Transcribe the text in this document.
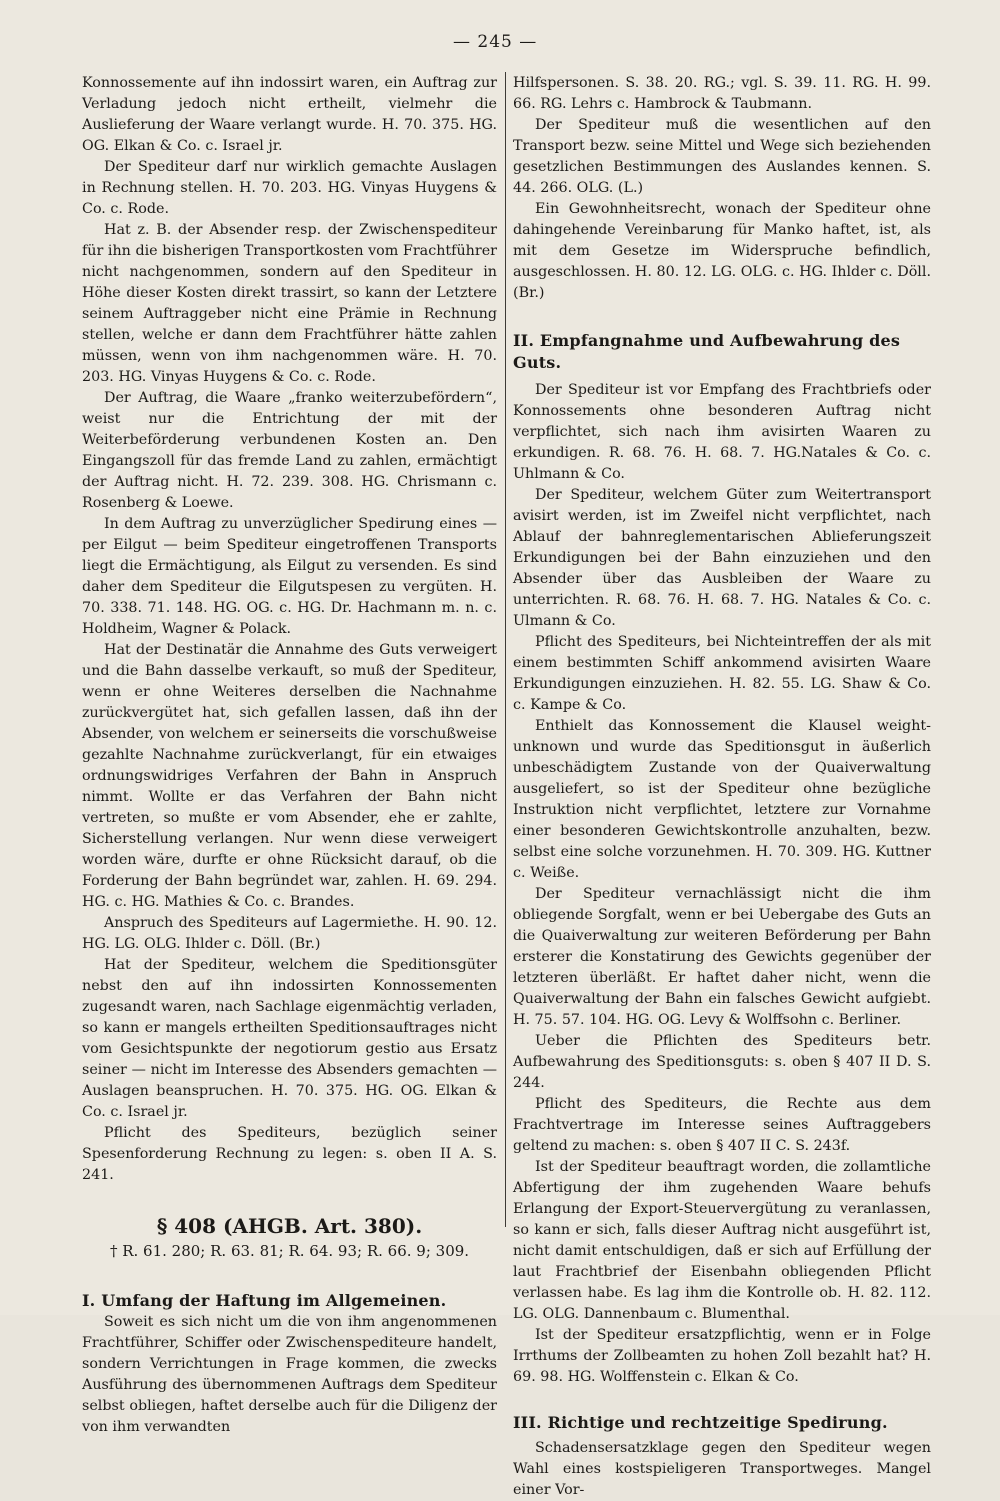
— 245 —

Konnossemente auf ihn indossirt waren, ein Auftrag zur Verladung jedoch nicht ertheilt, vielmehr die Auslieferung der Waare verlangt wurde. H. 70. 375. HG. OG. Elkan & Co. c. Israel jr.

Der Spediteur darf nur wirklich gemachte Auslagen in Rechnung stellen. H. 70. 203. HG. Vinyas Huygens & Co. c. Rode.

Hat z. B. der Absender resp. der Zwischenspediteur für ihn die bisherigen Transportkosten vom Frachtführer nicht nachgenommen, sondern auf den Spediteur in Höhe dieser Kosten direkt trassirt, so kann der Letztere seinem Auftraggeber nicht eine Prämie in Rechnung stellen, welche er dann dem Frachtführer hätte zahlen müssen, wenn von ihm nachgenommen wäre. H. 70. 203. HG. Vinyas Huygens & Co. c. Rode.

Der Auftrag, die Waare „franko weiterzubefördern“, weist nur die Entrichtung der mit der Weiterbeförderung verbundenen Kosten an. Den Eingangszoll für das fremde Land zu zahlen, ermächtigt der Auftrag nicht. H. 72. 239. 308. HG. Chrismann c. Rosenberg & Loewe.

In dem Auftrag zu unverzüglicher Spedirung eines — per Eilgut — beim Spediteur eingetroffenen Transports liegt die Ermächtigung, als Eilgut zu versenden. Es sind daher dem Spediteur die Eilgutspesen zu vergüten. H. 70. 338. 71. 148. HG. OG. c. HG. Dr. Hachmann m. n. c. Holdheim, Wagner & Polack.

Hat der Destinatär die Annahme des Guts verweigert und die Bahn dasselbe verkauft, so muß der Spediteur, wenn er ohne Weiteres derselben die Nachnahme zurückvergütet hat, sich gefallen lassen, daß ihn der Absender, von welchem er seinerseits die vorschußweise gezahlte Nachnahme zurückverlangt, für ein etwaiges ordnungswidriges Verfahren der Bahn in Anspruch nimmt. Wollte er das Verfahren der Bahn nicht vertreten, so mußte er vom Absender, ehe er zahlte, Sicherstellung verlangen. Nur wenn diese verweigert worden wäre, durfte er ohne Rücksicht darauf, ob die Forderung der Bahn begründet war, zahlen. H. 69. 294. HG. c. HG. Mathies & Co. c. Brandes.

Anspruch des Spediteurs auf Lagermiethe. H. 90. 12. HG. LG. OLG. Ihlder c. Döll. (Br.)

Hat der Spediteur, welchem die Speditionsgüter nebst den auf ihn indossirten Konnossementen zugesandt waren, nach Sachlage eigenmächtig verladen, so kann er mangels ertheilten Speditionsauftrages nicht vom Gesichtspunkte der negotiorum gestio aus Ersatz seiner — nicht im Interesse des Absenders gemachten — Auslagen beanspruchen. H. 70. 375. HG. OG. Elkan & Co. c. Israel jr.

Pflicht des Spediteurs, bezüglich seiner Spesenforderung Rechnung zu legen: s. oben II A. S. 241.

§ 408 (AHGB. Art. 380).

† R. 61. 280; R. 63. 81; R. 64. 93; R. 66. 9; 309.

I. Umfang der Haftung im Allgemeinen.

Soweit es sich nicht um die von ihm angenommenen Frachtführer, Schiffer oder Zwischenspediteure handelt, sondern Verrichtungen in Frage kommen, die zwecks Ausführung des übernommenen Auftrags dem Spediteur selbst obliegen, haftet derselbe auch für die Diligenz der von ihm verwandten

Hilfspersonen. S. 38. 20. RG.; vgl. S. 39. 11. RG. H. 99. 66. RG. Lehrs c. Hambrock & Taubmann.

Der Spediteur muß die wesentlichen auf den Transport bezw. seine Mittel und Wege sich beziehenden gesetzlichen Bestimmungen des Auslandes kennen. S. 44. 266. OLG. (L.)

Ein Gewohnheitsrecht, wonach der Spediteur ohne dahingehende Vereinbarung für Manko haftet, ist, als mit dem Gesetze im Widerspruche befindlich, ausgeschlossen. H. 80. 12. LG. OLG. c. HG. Ihlder c. Döll. (Br.)

II. Empfangnahme und Aufbewahrung des Guts.

Der Spediteur ist vor Empfang des Frachtbriefs oder Konnossements ohne besonderen Auftrag nicht verpflichtet, sich nach ihm avisirten Waaren zu erkundigen. R. 68. 76. H. 68. 7. HG.Natales & Co. c. Uhlmann & Co.

Der Spediteur, welchem Güter zum Weitertransport avisirt werden, ist im Zweifel nicht verpflichtet, nach Ablauf der bahnreglementarischen Ablieferungszeit Erkundigungen bei der Bahn einzuziehen und den Absender über das Ausbleiben der Waare zu unterrichten. R. 68. 76. H. 68. 7. HG. Natales & Co. c. Ulmann & Co.

Pflicht des Spediteurs, bei Nichteintreffen der als mit einem bestimmten Schiff ankommend avisirten Waare Erkundigungen einzuziehen. H. 82. 55. LG. Shaw & Co. c. Kampe & Co.

Enthielt das Konnossement die Klausel weight-unknown und wurde das Speditionsgut in äußerlich unbeschädigtem Zustande von der Quaiverwaltung ausgeliefert, so ist der Spediteur ohne bezügliche Instruktion nicht verpflichtet, letztere zur Vornahme einer besonderen Gewichtskontrolle anzuhalten, bezw. selbst eine solche vorzunehmen. H. 70. 309. HG. Kuttner c. Weiße.

Der Spediteur vernachlässigt nicht die ihm obliegende Sorgfalt, wenn er bei Uebergabe des Guts an die Quaiverwaltung zur weiteren Beförderung per Bahn ersterer die Konstatirung des Gewichts gegenüber der letzteren überläßt. Er haftet daher nicht, wenn die Quaiverwaltung der Bahn ein falsches Gewicht aufgiebt. H. 75. 57. 104. HG. OG. Levy & Wolffsohn c. Berliner.

Ueber die Pflichten des Spediteurs betr. Aufbewahrung des Speditionsguts: s. oben § 407 II D. S. 244.

Pflicht des Spediteurs, die Rechte aus dem Frachtvertrage im Interesse seines Auftraggebers geltend zu machen: s. oben § 407 II C. S. 243f.

Ist der Spediteur beauftragt worden, die zollamtliche Abfertigung der ihm zugehenden Waare behufs Erlangung der Export-Steuervergütung zu veranlassen, so kann er sich, falls dieser Auftrag nicht ausgeführt ist, nicht damit entschuldigen, daß er sich auf Erfüllung der laut Frachtbrief der Eisenbahn obliegenden Pflicht verlassen habe. Es lag ihm die Kontrolle ob. H. 82. 112. LG. OLG. Dannenbaum c. Blumenthal.

Ist der Spediteur ersatzpflichtig, wenn er in Folge Irrthums der Zollbeamten zu hohen Zoll bezahlt hat? H. 69. 98. HG. Wolffenstein c. Elkan & Co.

III. Richtige und rechtzeitige Spedirung.

Schadensersatzklage gegen den Spediteur wegen Wahl eines kostspieligeren Transportweges. Mangel einer Vor-
